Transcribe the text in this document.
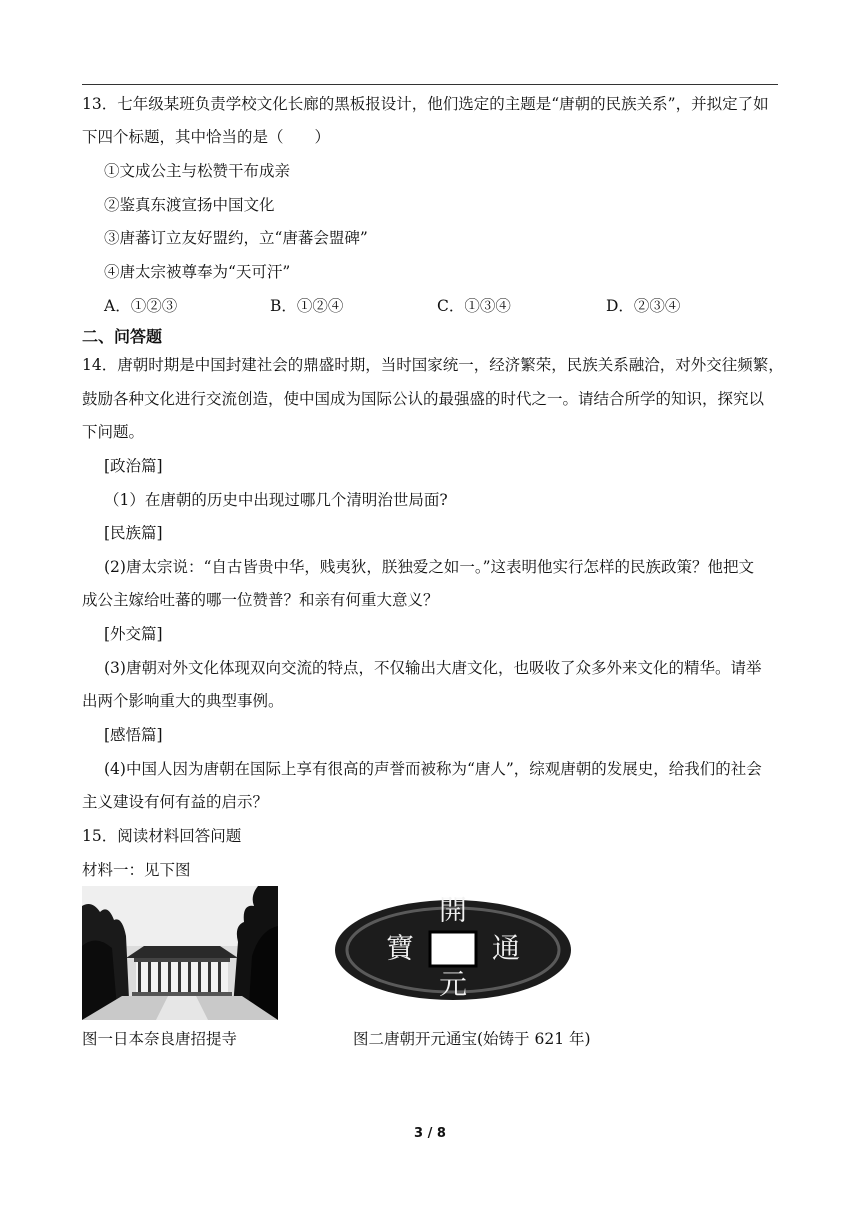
13．七年级某班负责学校文化长廊的黑板报设计，他们选定的主题是“唐朝的民族关系”，并拟定了如
下四个标题，其中恰当的是（　　）
①文成公主与松赞干布成亲
②鉴真东渡宣扬中国文化
③唐蕃订立友好盟约，立“唐蕃会盟碑”
④唐太宗被尊奉为“天可汗”
A．①②③	B．①②④	C．①③④	D．②③④
二、问答题
14．唐朝时期是中国封建社会的鼎盛时期，当时国家统一，经济繁荣，民族关系融洽，对外交往频繁，
鼓励各种文化进行交流创造，使中国成为国际公认的最强盛的时代之一。请结合所学的知识，探究以
下问题。
[政治篇]
（1）在唐朝的历史中出现过哪几个清明治世局面?
[民族篇]
(2)唐太宗说：“自古皆贵中华，贱夷狄，朕独爱之如一。”这表明他实行怎样的民族政策？他把文
成公主嫁给吐蕃的哪一位赞普？和亲有何重大意义？
[外交篇]
(3)唐朝对外文化体现双向交流的特点，不仅输出大唐文化，也吸收了众多外来文化的精华。请举
出两个影响重大的典型事例。
[感悟篇]
(4)中国人因为唐朝在国际上享有很高的声誉而被称为“唐人”，综观唐朝的发展史，给我们的社会
主义建设有何有益的启示？
15．阅读材料回答问题
材料一：见下图
開
通
元
寶
图一日本奈良唐招提寺	图二唐朝开元通宝(始铸于 621 年)
3 / 8
